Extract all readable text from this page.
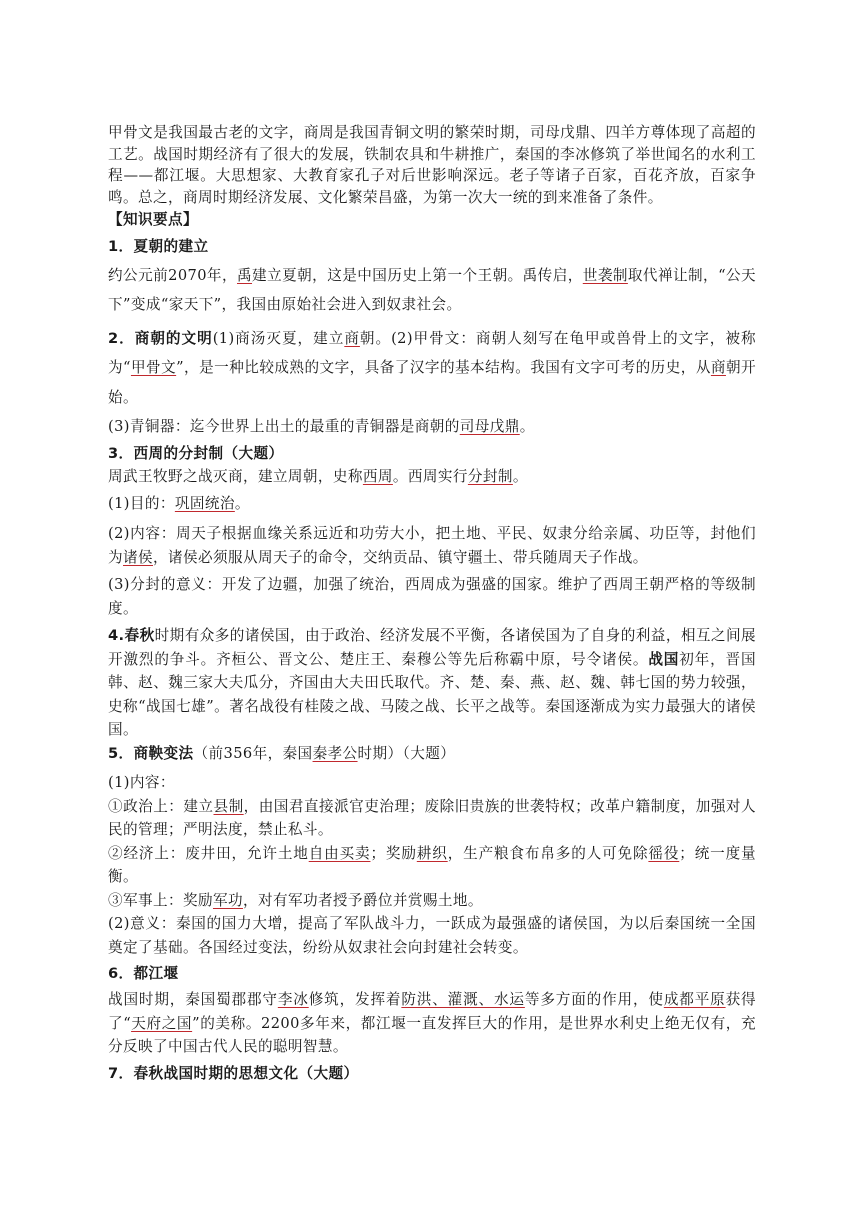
甲骨文是我国最古老的文字，商周是我国青铜文明的繁荣时期，司母戊鼎、四羊方尊体现了高超的工艺。战国时期经济有了很大的发展，铁制农具和牛耕推广，秦国的李冰修筑了举世闻名的水利工程——都江堰。大思想家、大教育家孔子对后世影响深远。老子等诸子百家，百花齐放，百家争鸣。总之，商周时期经济发展、文化繁荣昌盛，为第一次大一统的到来准备了条件。

【知识要点】
1．夏朝的建立

约公元前2070年，禹建立夏朝，这是中国历史上第一个王朝。禹传启，世袭制取代禅让制，“公天下”变成“家天下”，我国由原始社会进入到奴隶社会。

2．商朝的文明(1)商汤灭夏，建立商朝。(2)甲骨文：商朝人刻写在龟甲或兽骨上的文字，被称为“甲骨文”，是一种比较成熟的文字，具备了汉字的基本结构。我国有文字可考的历史，从商朝开始。

(3)青铜器：迄今世界上出土的最重的青铜器是商朝的司母戊鼎。

3．西周的分封制（大题）

周武王牧野之战灭商，建立周朝，史称西周。西周实行分封制。

(1)目的：巩固统治。

(2)内容：周天子根据血缘关系远近和功劳大小，把土地、平民、奴隶分给亲属、功臣等，封他们为诸侯，诸侯必须服从周天子的命令，交纳贡品、镇守疆土、带兵随周天子作战。

(3)分封的意义：开发了边疆，加强了统治，西周成为强盛的国家。维护了西周王朝严格的等级制度。

4.春秋时期有众多的诸侯国，由于政治、经济发展不平衡，各诸侯国为了自身的利益，相互之间展开激烈的争斗。齐桓公、晋文公、楚庄王、秦穆公等先后称霸中原，号令诸侯。战国初年，晋国韩、赵、魏三家大夫瓜分，齐国由大夫田氏取代。齐、楚、秦、燕、赵、魏、韩七国的势力较强，史称“战国七雄”。著名战役有桂陵之战、马陵之战、长平之战等。秦国逐渐成为实力最强大的诸侯国。

5．商鞅变法（前356年，秦国秦孝公时期）（大题）

(1)内容：

①政治上：建立县制，由国君直接派官吏治理；废除旧贵族的世袭特权；改革户籍制度，加强对人民的管理；严明法度，禁止私斗。

②经济上：废井田，允许土地自由买卖；奖励耕织，生产粮食布帛多的人可免除徭役；统一度量衡。

③军事上：奖励军功，对有军功者授予爵位并赏赐土地。

(2)意义：秦国的国力大增，提高了军队战斗力，一跃成为最强盛的诸侯国，为以后秦国统一全国奠定了基础。各国经过变法，纷纷从奴隶社会向封建社会转变。

6．都江堰

战国时期，秦国蜀郡郡守李冰修筑，发挥着防洪、灌溉、水运等多方面的作用，使成都平原获得了“天府之国”的美称。2200多年来，都江堰一直发挥巨大的作用，是世界水利史上绝无仅有，充分反映了中国古代人民的聪明智慧。

7．春秋战国时期的思想文化（大题）
